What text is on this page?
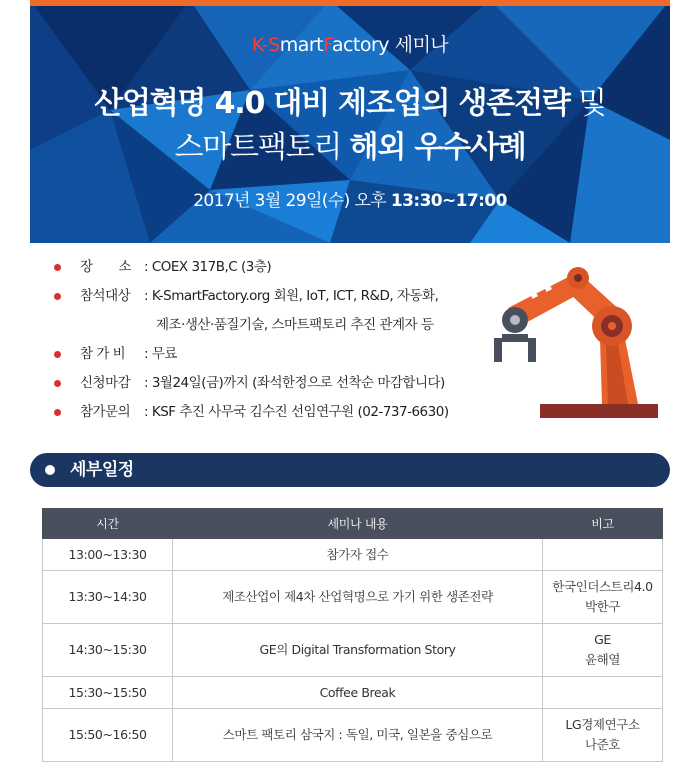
K-SmartFactory 세미나
산업혁명 4.0 대비 제조업의 생존전략 및
스마트팩토리 해외 우수사례
2017년 3월 29일(수) 오후 13:30~17:00
장　　소 : COEX 317B,C (3층)
참석대상 : K-SmartFactory.org 회원, IoT, ICT, R&D, 자동화,
제조·생산·품질기술, 스마트팩토리 추진 관계자 등
참 가 비 : 무료
신청마감 : 3월24일(금)까지 (좌석한정으로 선착순 마감합니다)
참가문의 : KSF 추진 사무국 김수진 선임연구원 (02-737-6630)
세부일정
시간	세미나 내용	비고
13:00~13:30	참가자 접수	
13:30~14:30	제조산업이 제4차 산업혁명으로 가기 위한 생존전략	한국인더스트리4.0
박한구

14:30~15:30	GE의 Digital Transformation Story	GE
윤해열

15:30~15:50	Coffee Break	
15:50~16:50	스마트 팩토리 삼국지 : 독일, 미국, 일본을 중심으로	LG경제연구소
나준호
